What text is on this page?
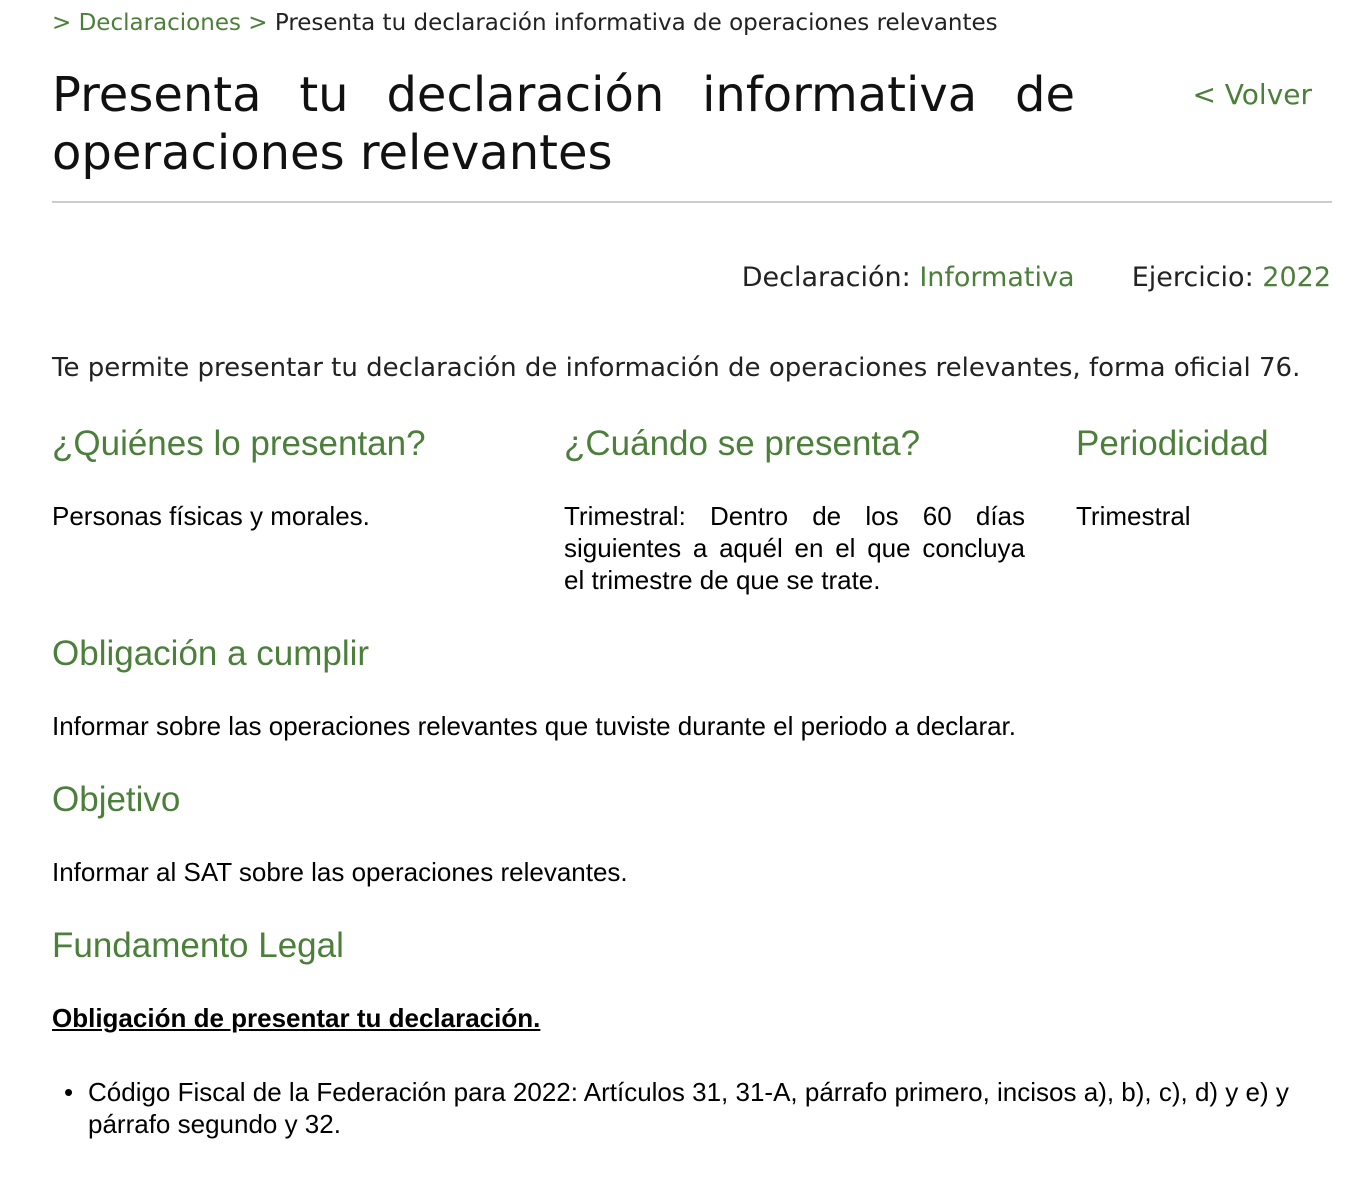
> Declaraciones > Presenta tu declaración informativa de operaciones relevantes
Presenta tu declaración informativa de operaciones relevantes
< Volver
Declaración: Informativa Ejercicio: 2022

Te permite presentar tu declaración de información de operaciones relevantes, forma oficial 76.

¿Quiénes lo presentan?

Personas físicas y morales.

¿Cuándo se presenta?

Trimestral: Dentro de los 60 días siguientes a aquél en el que concluya el trimestre de que se trate.

Periodicidad

Trimestral

Obligación a cumplir

Informar sobre las operaciones relevantes que tuviste durante el periodo a declarar.

Objetivo

Informar al SAT sobre las operaciones relevantes.

Fundamento Legal

Obligación de presentar tu declaración.

• Código Fiscal de la Federación para 2022: Artículos 31, 31-A, párrafo primero, incisos a), b), c), d) y e) y párrafo segundo y 32.
